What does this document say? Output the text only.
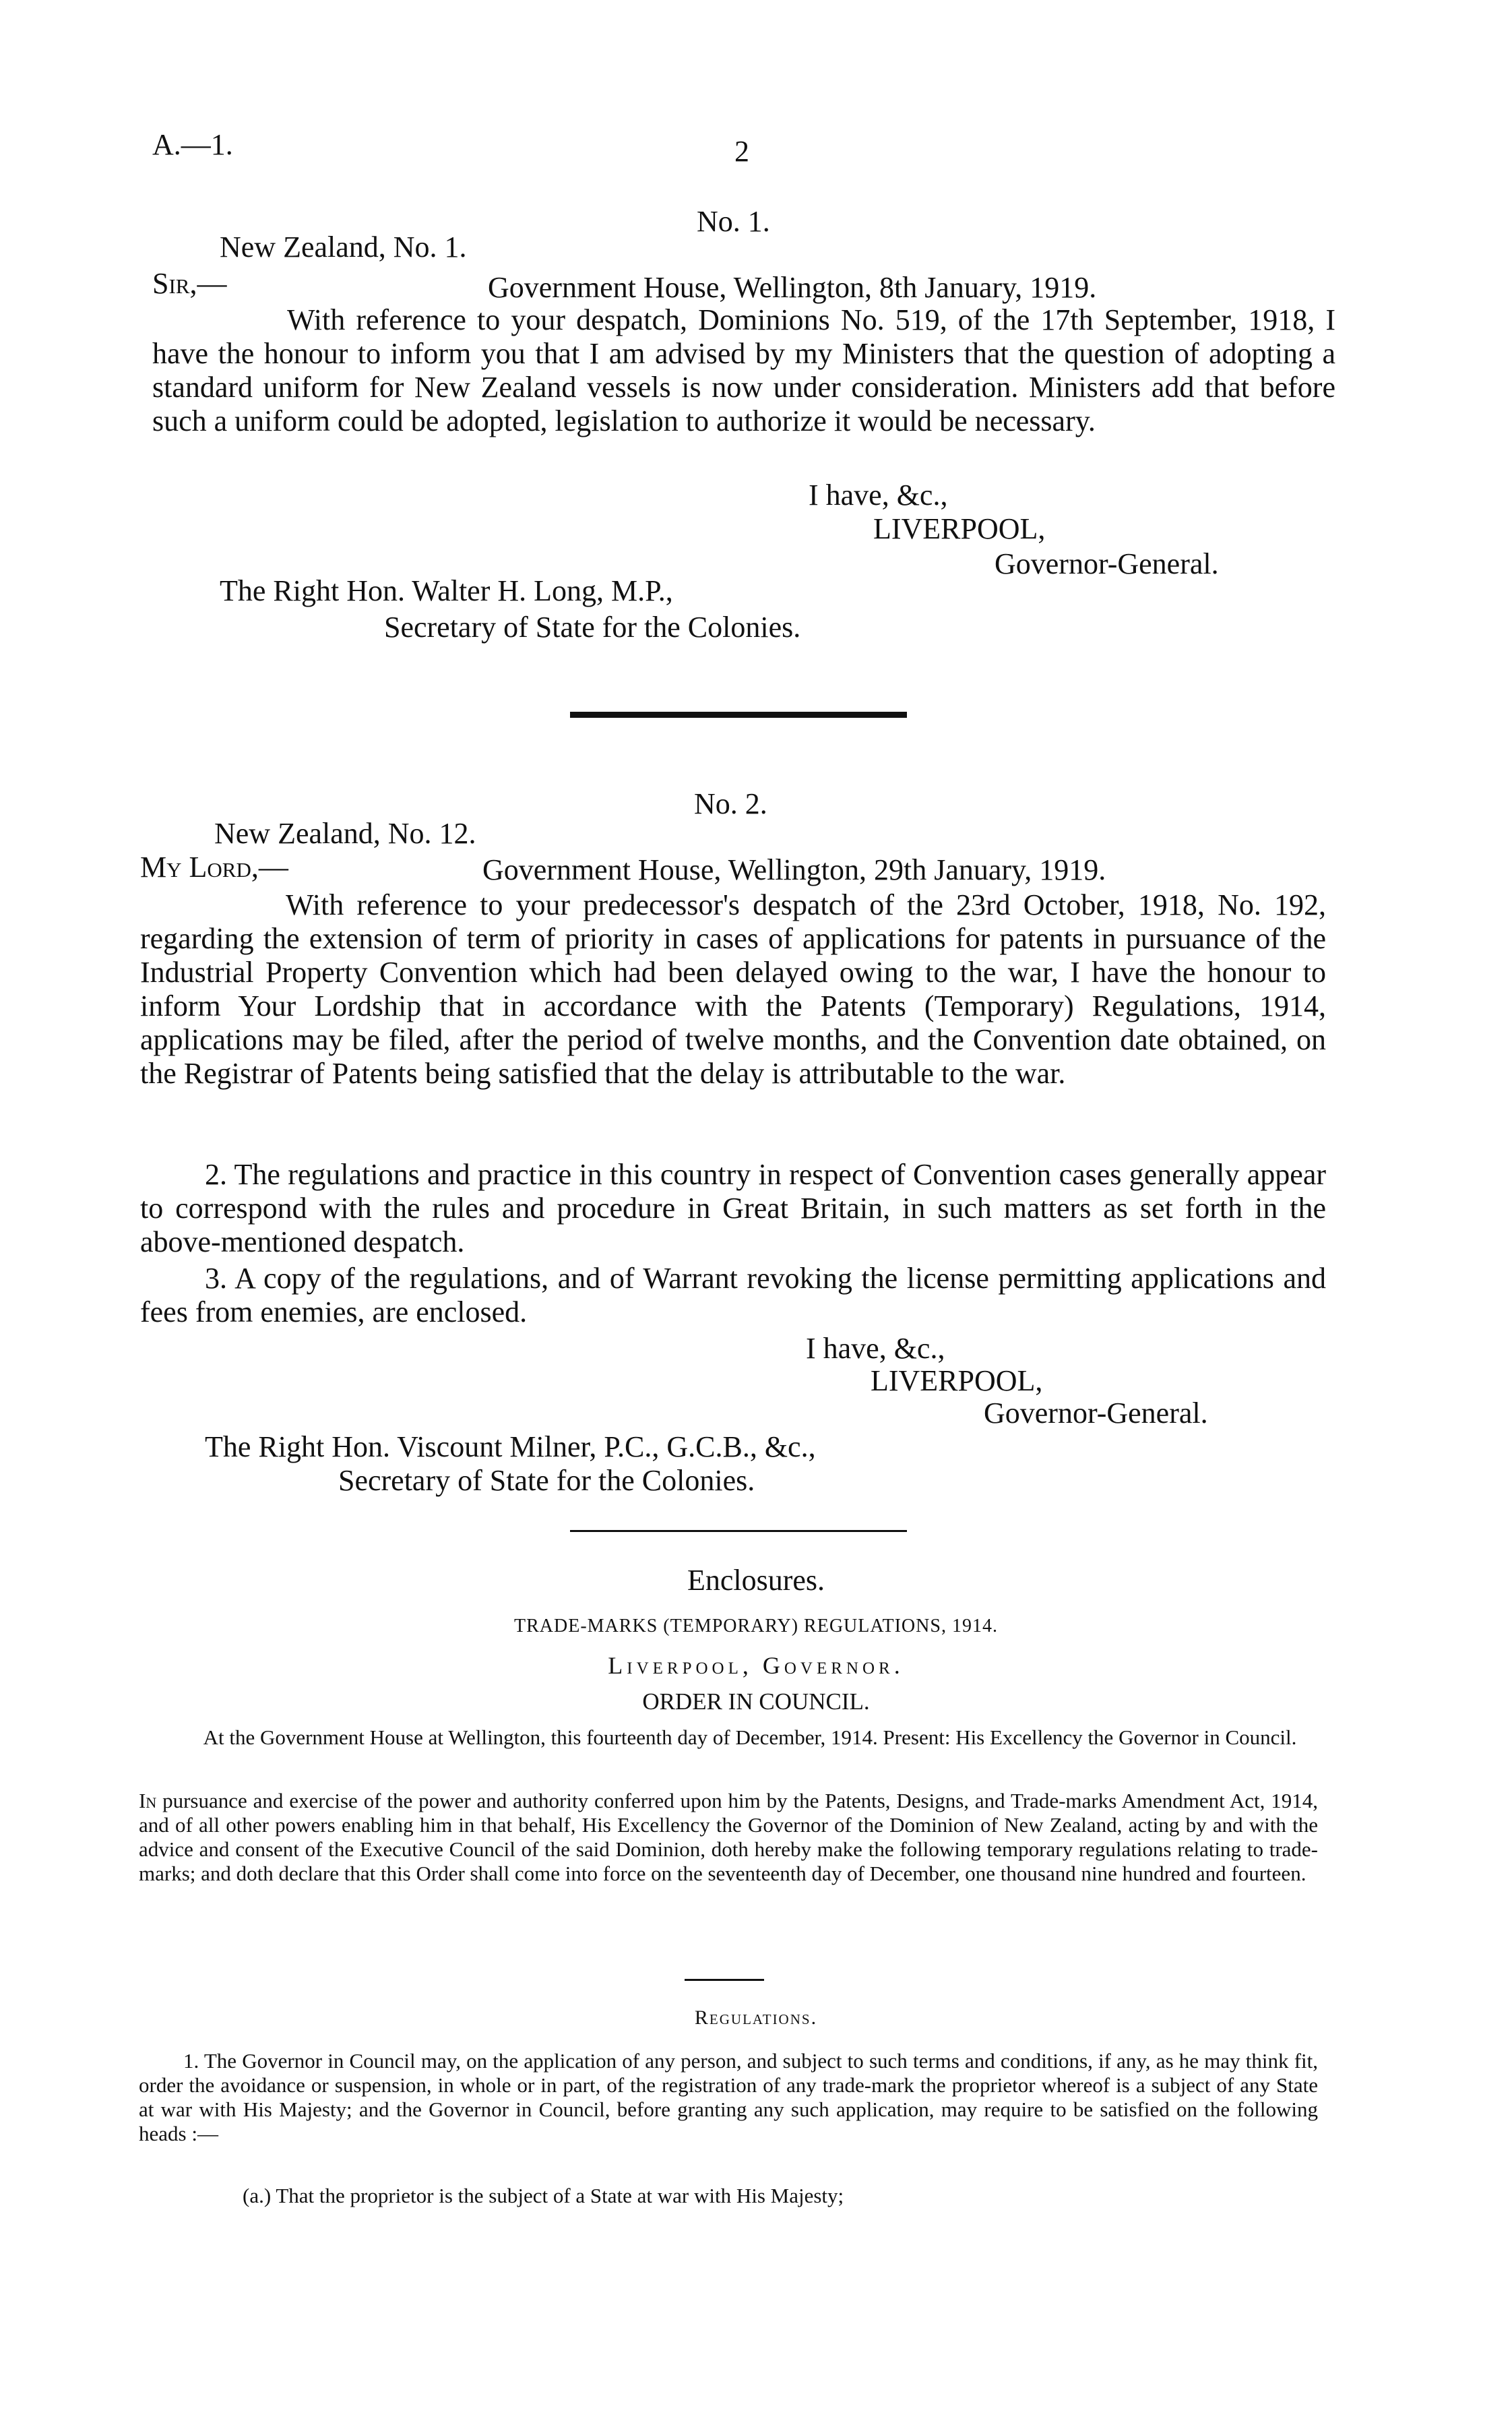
A.—1.	2
No. 1.
New Zealand, No. 1.
Sir,—	Government House, Wellington, 8th January, 1919.
With reference to your despatch, Dominions No. 519, of the 17th September, 1918, I have the honour to inform you that I am advised by my Ministers that the question of adopting a standard uniform for New Zealand vessels is now under consideration. Ministers add that before such a uniform could be adopted, legislation to authorize it would be necessary.
I have, &c.,
LIVERPOOL,
Governor-General.
The Right Hon. Walter H. Long, M.P.,
Secretary of State for the Colonies.
No. 2.
New Zealand, No. 12.
My Lord,—	Government House, Wellington, 29th January, 1919.
With reference to your predecessor's despatch of the 23rd October, 1918, No. 192, regarding the extension of term of priority in cases of applications for patents in pursuance of the Industrial Property Convention which had been delayed owing to the war, I have the honour to inform Your Lordship that in accordance with the Patents (Temporary) Regulations, 1914, applications may be filed, after the period of twelve months, and the Convention date obtained, on the Registrar of Patents being satisfied that the delay is attributable to the war.
2. The regulations and practice in this country in respect of Convention cases generally appear to correspond with the rules and procedure in Great Britain, in such matters as set forth in the above-mentioned despatch.
3. A copy of the regulations, and of Warrant revoking the license permitting applications and fees from enemies, are enclosed.
I have, &c.,
LIVERPOOL,
Governor-General.
The Right Hon. Viscount Milner, P.C., G.C.B., &c.,
Secretary of State for the Colonies.
Enclosures.
TRADE-MARKS (TEMPORARY) REGULATIONS, 1914.
Liverpool, Governor.
ORDER IN COUNCIL.
At the Government House at Wellington, this fourteenth day of December, 1914. Present: His Excellency the Governor in Council.
In pursuance and exercise of the power and authority conferred upon him by the Patents, Designs, and Trade-marks Amendment Act, 1914, and of all other powers enabling him in that behalf, His Excellency the Governor of the Dominion of New Zealand, acting by and with the advice and consent of the Executive Council of the said Dominion, doth hereby make the following temporary regulations relating to trade-marks; and doth declare that this Order shall come into force on the seventeenth day of December, one thousand nine hundred and fourteen.
Regulations.
1. The Governor in Council may, on the application of any person, and subject to such terms and conditions, if any, as he may think fit, order the avoidance or suspension, in whole or in part, of the registration of any trade-mark the proprietor whereof is a subject of any State at war with His Majesty; and the Governor in Council, before granting any such application, may require to be satisfied on the following heads :—
(a.) That the proprietor is the subject of a State at war with His Majesty;
